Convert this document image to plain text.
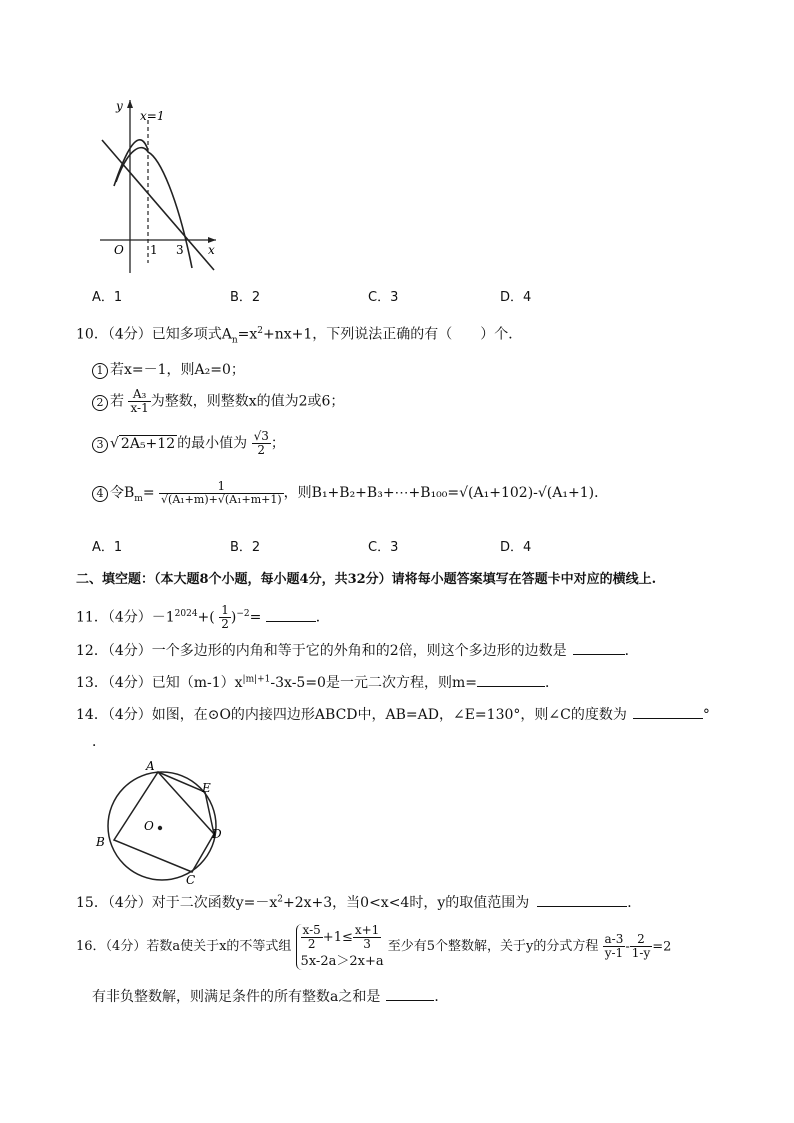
y
x=1
x
O 1 3
A．1	B．2	C．3	D．4
10．（4分）已知多项式$A_n=x^2+nx+1$，下列说法正确的有（　　）个．
1 若x=－1，则A₂=0；
2 若 $\frac{\text{A₃}}{x-1}$ 为整数，则整数x的值为2或6；
3 √ 2A₅+12 的最小值为 $\frac{√3}{2}$ ；
4 令$B_m= \frac{1}{\text{√(A₁+m)+√(A₁+m+1)}}$ ，则B₁+B₂+B₃+⋯+B₁₀₀=√(A₁+102)-√(A₁+1)．
A．1	B．2	C．3	D．4
二、填空题：（本大题8个小题，每小题4分，共32分）请将每小题答案填写在答题卡中对应的横线上.
11．（4分）$-1^{2024}+( \frac{1}{2} )^{-2}=$	．
12．（4分）一个多边形的内角和等于它的外角和的2倍，则这个多边形的边数是	．
13．（4分）已知$(m-1)x^{|m|+1}-3x-5=0$是一元二次方程，则m=	．
14．（4分）如图，在⊙O的内接四边形ABCD中，AB=AD，∠E=130°，则∠C的度数为	°
．
A
E
D
C
B
O
15．（4分）对于二次函数$y=-x^2+2x+3$，当0<x<4时，y的取值范围为	．
16．（4分）若数a使关于x的不等式组 $\frac{x-5}{2} +1\le \frac{x+1}{3}$
5x-2a＞2x+a
至少有5个整数解，关于y的分式方程 $\frac{a-3}{y-1} - \frac{2}{1-y} =2$
有非负整数解，则满足条件的所有整数a之和是	．
